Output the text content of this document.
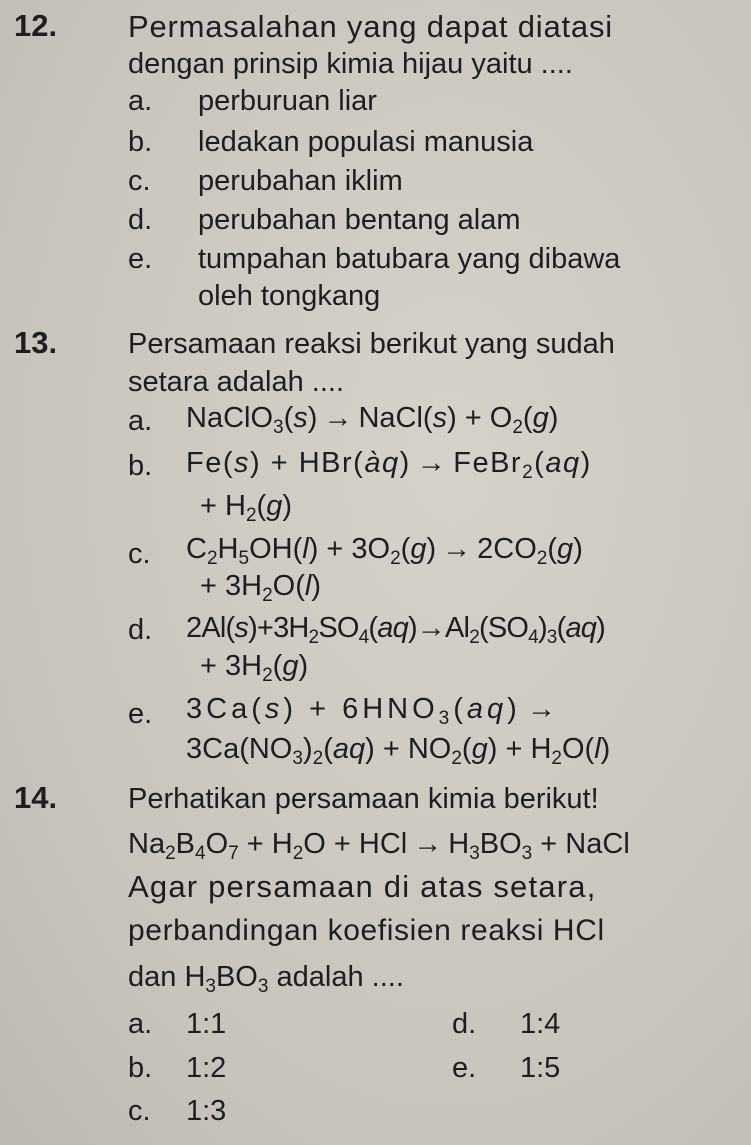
12. Permasalahan yang dapat diatasi
dengan prinsip kimia hijau yaitu ....
a. perburuan liar
b. ledakan populasi manusia
c. perubahan iklim
d. perubahan bentang alam
e. tumpahan batubara yang dibawa
oleh tongkang
13. Persamaan reaksi berikut yang sudah
setara adalah ....
a. NaClO$_3$(s) → NaCl(s) + $O_2(g)$
b. Fe(s) + HBr(àq) → FeBr$_2$(aq)
+ $H_2(g)$
c. $C_2H_5OH(l) + 3O_2(g) \to 2CO_2(g)$
+ $3H_2O(l)$
d. $2Al(s)+3H_2SO_4(aq)\to Al_2(SO_4)_3(aq)$
+ $3H_2(g)$
e. $3Ca(s) + 6HNO_3(aq)$ →
$3Ca(NO_3)_2(aq) + NO_2(g) + H_2O(l)$
14. Perhatikan persamaan kimia berikut!
$Na_2B_4O_7 + H_2O$ + HCl → $H_3BO_3$ + NaCl
Agar persamaan di atas setara,
perbandingan koefisien reaksi HCl
dan $H_3BO_3$ adalah ....
a. 1:1	d. 1:4
b. 1:2	e. 1:5
c. 1:3
